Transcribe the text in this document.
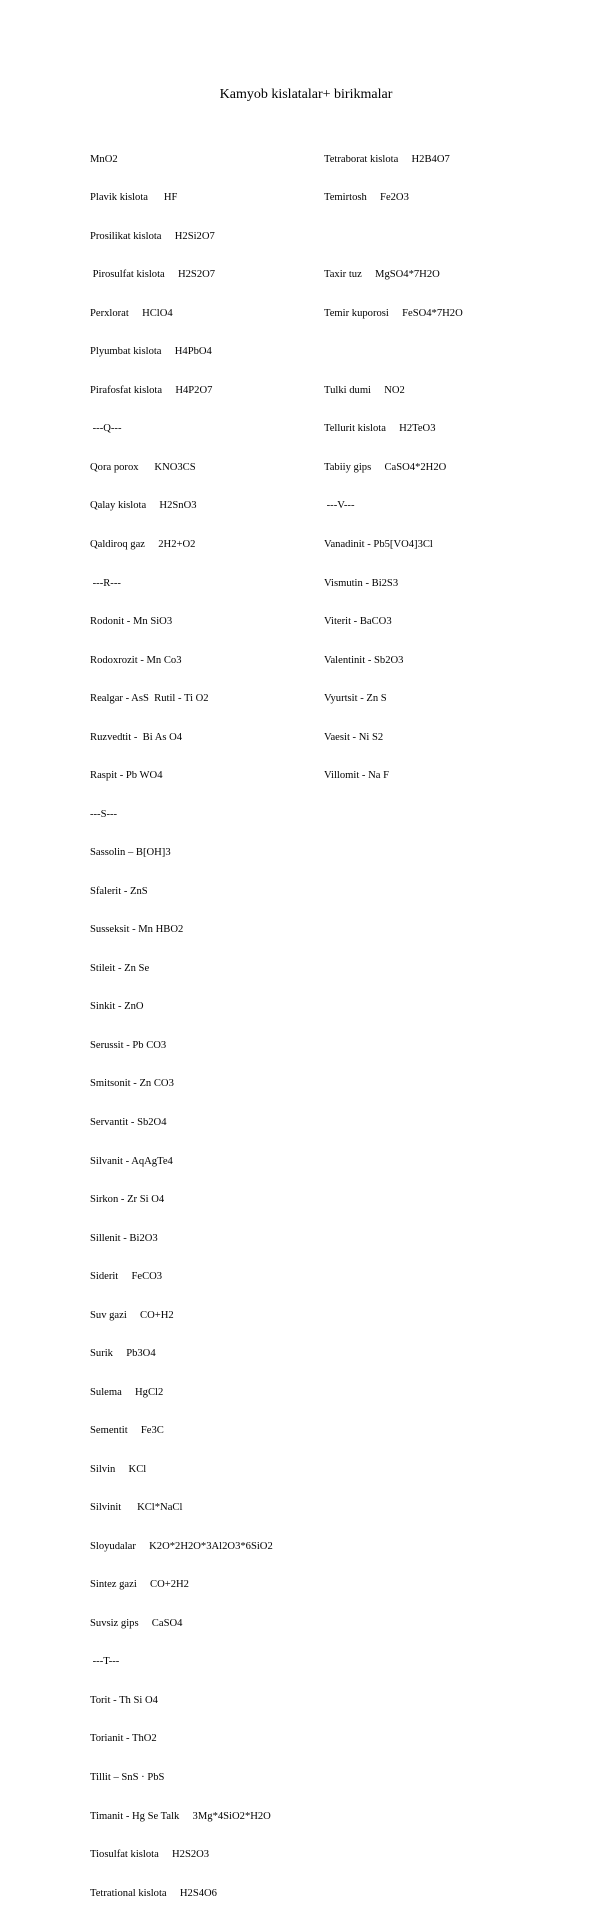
Kamyob kislatalar+ birikmalar

MnO2

Plavik kislota      HF

Prosilikat kislota     H2Si2O7

Pirosulfat kislota     H2S2O7

Perxlorat     HClO4

Plyumbat kislota     H4PbO4

Pirafosfat kislota     H4P2O7

---Q---

Qora porox      KNO3CS

Qalay kislota     H2SnO3

Qaldiroq gaz     2H2+O2

---R---

Rodonit - Mn SiO3

Rodoxrozit - Mn Co3

Realgar - AsS  Rutil - Ti O2

Ruzvedtit -  Bi As O4

Raspit - Pb WO4

---S---

Sassolin – B[OH]3

Sfalerit - ZnS

Susseksit - Mn HBO2

Stileit - Zn Se

Sinkit - ZnO

Serussit - Pb CO3

Smitsonit - Zn CO3

Servantit - Sb2O4

Silvanit - AqAgTe4

Sirkon - Zr Si O4

Sillenit - Bi2O3

Siderit     FeCO3

Suv gazi     CO+H2

Surik     Pb3O4

Sulema     HgCl2

Sementit     Fe3C

Silvin     KCl

Silvinit      KCl*NaCl

Sloyudalar     K2O*2H2O*3Al2O3*6SiO2

Sintez gazi     CO+2H2

Suvsiz gips     CaSO4

---T---

Torit - Th Si O4

Torianit - ThO2

Tillit – SnS · PbS

Timanit - Hg Se Talk     3Mg*4SiO2*H2O

Tiosulfat kislota     H2S2O3

Tetrational kislota     H2S4O6

Tetraborat kislota     H2B4O7

Temirtosh     Fe2O3

Taxir tuz     MgSO4*7H2O

Temir kuporosi     FeSO4*7H2O

Tulki dumi     NO2

Tellurit kislota     H2TeO3

Tabiiy gips     CaSO4*2H2O

---V---

Vanadinit - Pb5[VO4]3Cl

Vismutin - Bi2S3

Viterit - BaCO3

Valentinit - Sb2O3

Vyurtsit - Zn S

Vaesit - Ni S2

Villomit - Na F
